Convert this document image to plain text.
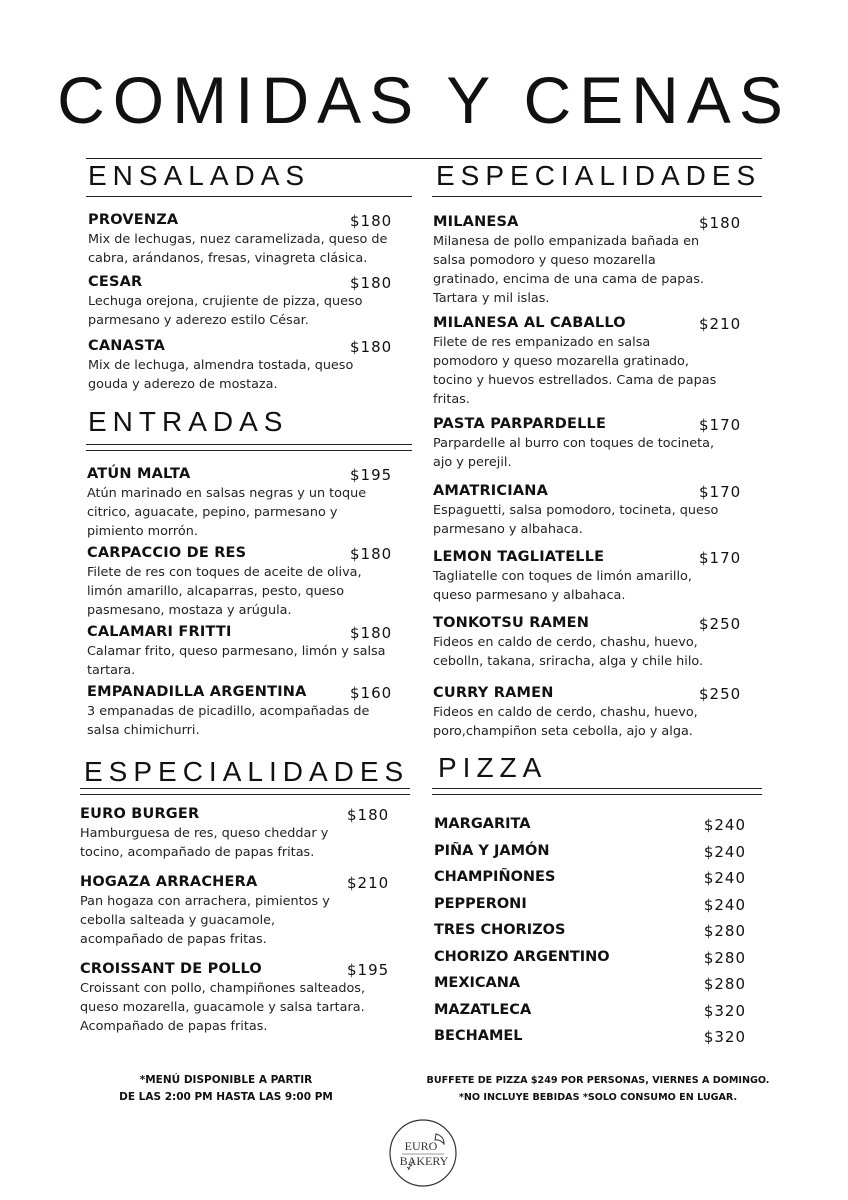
COMIDAS Y CENAS
ENSALADAS	ESPECIALIDADES
ENTRADAS
ESPECIALIDADES PIZZA
PROVENZA	$180
Mix de lechugas, nuez caramelizada, queso de
cabra, arándanos, fresas, vinagreta clásica.
CESAR	$180
Lechuga orejona, crujiente de pizza, queso
parmesano y aderezo estilo César.
CANASTA	$180
Mix de lechuga, almendra tostada, queso
gouda y aderezo de mostaza.
ATÚN MALTA	$195
Atún marinado en salsas negras y un toque
citrico, aguacate, pepino, parmesano y
pimiento morrón.
CARPACCIO DE RES	$180
Filete de res con toques de aceite de oliva,
limón amarillo, alcaparras, pesto, queso
pasmesano, mostaza y arúgula.
CALAMARI FRITTI	$180
Calamar frito, queso parmesano, limón y salsa
tartara.
EMPANADILLA ARGENTINA	$160
3 empanadas de picadillo, acompañadas de
salsa chimichurri.
EURO BURGER	$180
Hamburguesa de res, queso cheddar y
tocino, acompañado de papas fritas.
HOGAZA ARRACHERA	$210
Pan hogaza con arrachera, pimientos y
cebolla salteada y guacamole,
acompañado de papas fritas.
CROISSANT DE POLLO	$195
Croissant con pollo, champiñones salteados,
queso mozarella, guacamole y salsa tartara.
Acompañado de papas fritas.
MILANESA	$180
Milanesa de pollo empanizada bañada en
salsa pomodoro y queso mozarella
gratinado, encima de una cama de papas.
Tartara y mil islas.
MILANESA AL CABALLO	$210
Filete de res empanizado en salsa
pomodoro y queso mozarella gratinado,
tocino y huevos estrellados. Cama de papas
fritas.
PASTA PARPARDELLE	$170
Parpardelle al burro con toques de tocineta,
ajo y perejil.
AMATRICIANA	$170
Espaguetti, salsa pomodoro, tocineta, queso
parmesano y albahaca.
LEMON TAGLIATELLE	$170
Tagliatelle con toques de limón amarillo,
queso parmesano y albahaca.
TONKOTSU RAMEN	$250
Fideos en caldo de cerdo, chashu, huevo,
cebolln, takana, sriracha, alga y chile hilo.
CURRY RAMEN	$250
Fideos en caldo de cerdo, chashu, huevo,
poro,champiñon seta cebolla, ajo y alga.
MARGARITA	$240
PIÑA Y JAMÓN	$240
CHAMPIÑONES	$240
PEPPERONI	$240
TRES CHORIZOS	$280
CHORIZO ARGENTINO	$280
MEXICANA	$280
MAZATLECA	$320
BECHAMEL	$320
*MENÚ DISPONIBLE A PARTIR
DE LAS 2:00 PM HASTA LAS 9:00 PM
BUFFETE DE PIZZA $249 POR PERSONAS, VIERNES A DOMINGO.
*NO INCLUYE BEBIDAS *SOLO CONSUMO EN LUGAR.
EURO
BAKERY
